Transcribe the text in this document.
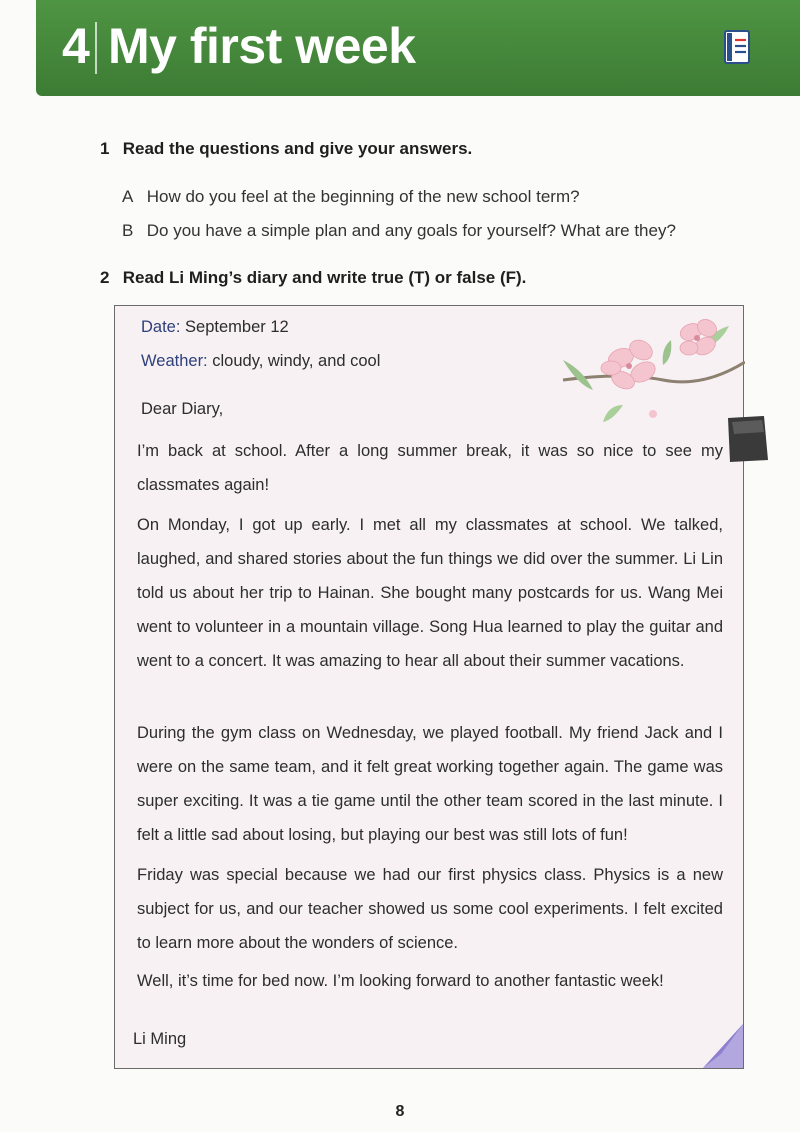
4 My first week
1 Read the questions and give your answers.
A How do you feel at the beginning of the new school term?
B Do you have a simple plan and any goals for yourself? What are they?
2 Read Li Ming’s diary and write true (T) or false (F).
Date: September 12
Weather: cloudy, windy, and cool
Dear Diary,
I’m back at school. After a long summer break, it was so nice to see my classmates again!
On Monday, I got up early. I met all my classmates at school. We talked, laughed, and shared stories about the fun things we did over the summer. Li Lin told us about her trip to Hainan. She bought many postcards for us. Wang Mei went to volunteer in a mountain village. Song Hua learned to play the guitar and went to a concert. It was amazing to hear all about their summer vacations.
During the gym class on Wednesday, we played football. My friend Jack and I were on the same team, and it felt great working together again. The game was super exciting. It was a tie game until the other team scored in the last minute. I felt a little sad about losing, but playing our best was still lots of fun!
Friday was special because we had our first physics class. Physics is a new subject for us, and our teacher showed us some cool experiments. I felt excited to learn more about the wonders of science.
Well, it’s time for bed now. I’m looking forward to another fantastic week!
Li Ming
8
